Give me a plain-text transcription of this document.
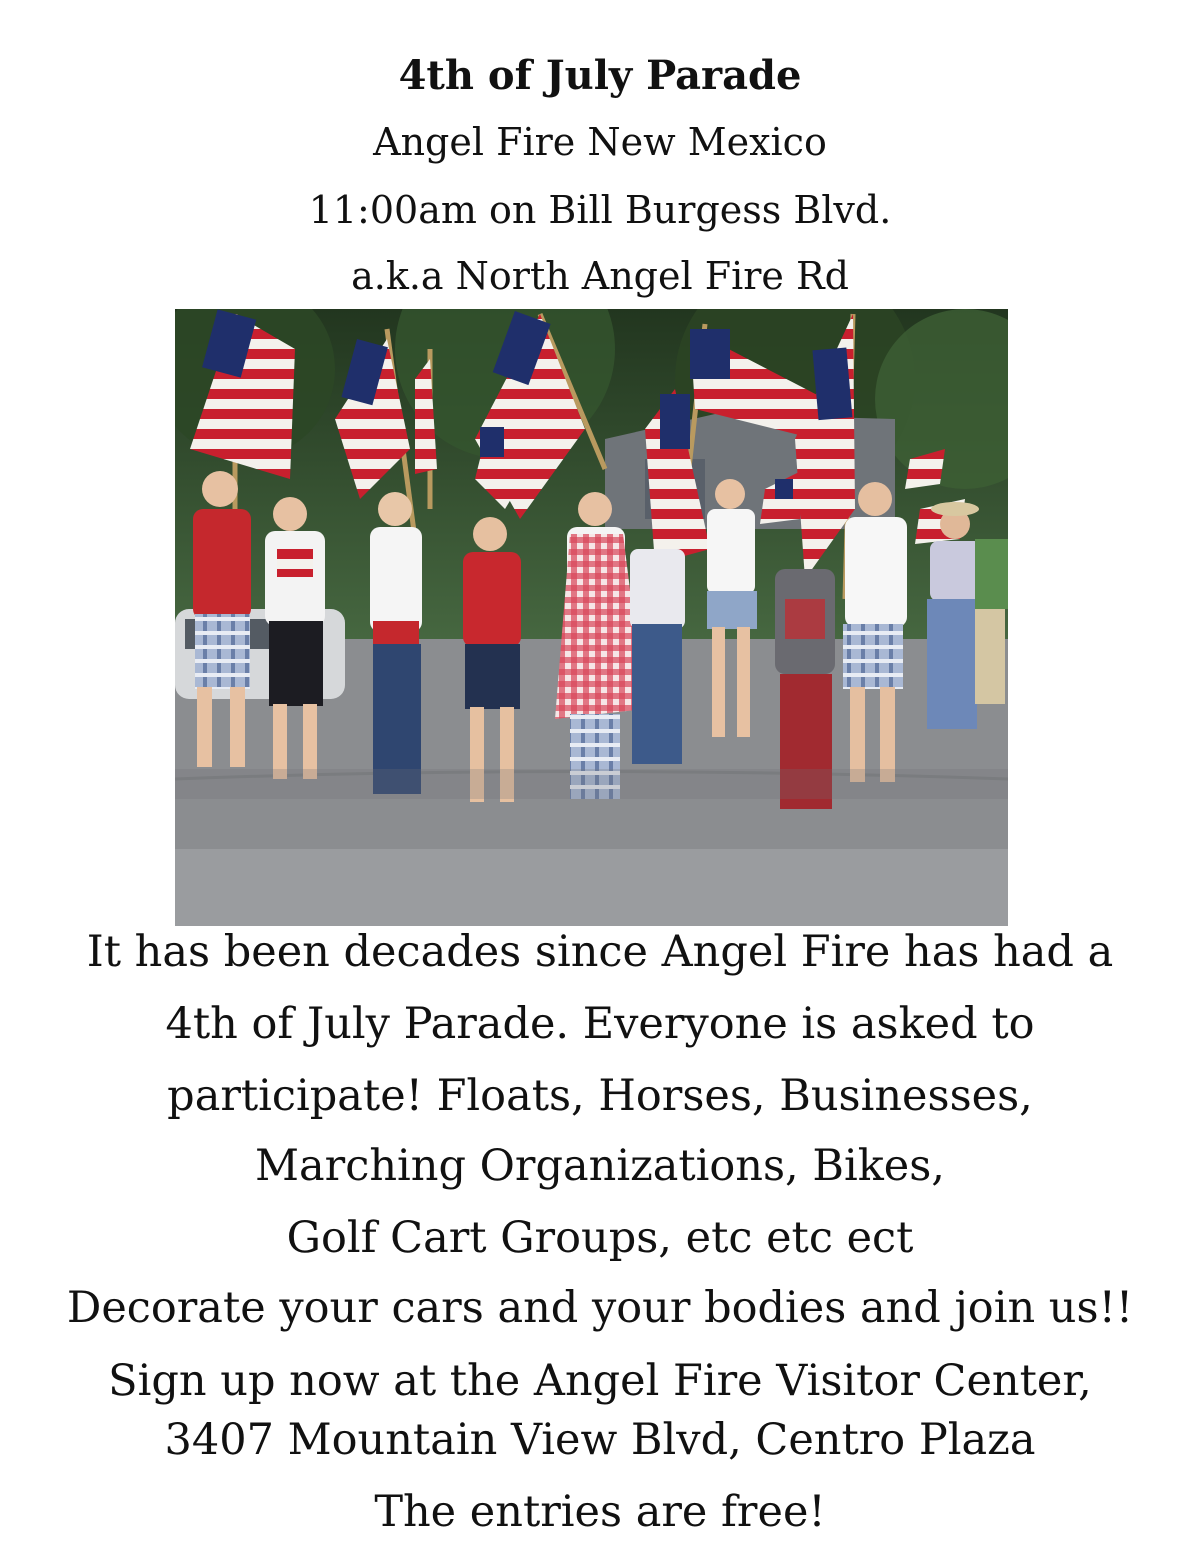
4th of July Parade
Angel Fire New Mexico
11:00am on Bill Burgess Blvd.
a.k.a North Angel Fire Rd
It has been decades since Angel Fire has had a
4th of July Parade. Everyone is asked to
participate! Floats, Horses, Businesses,
Marching Organizations, Bikes,
Golf Cart Groups, etc etc ect
Decorate your cars and your bodies and join us!!
Sign up now at the Angel Fire Visitor Center,
3407 Mountain View Blvd, Centro Plaza
The entries are free!
